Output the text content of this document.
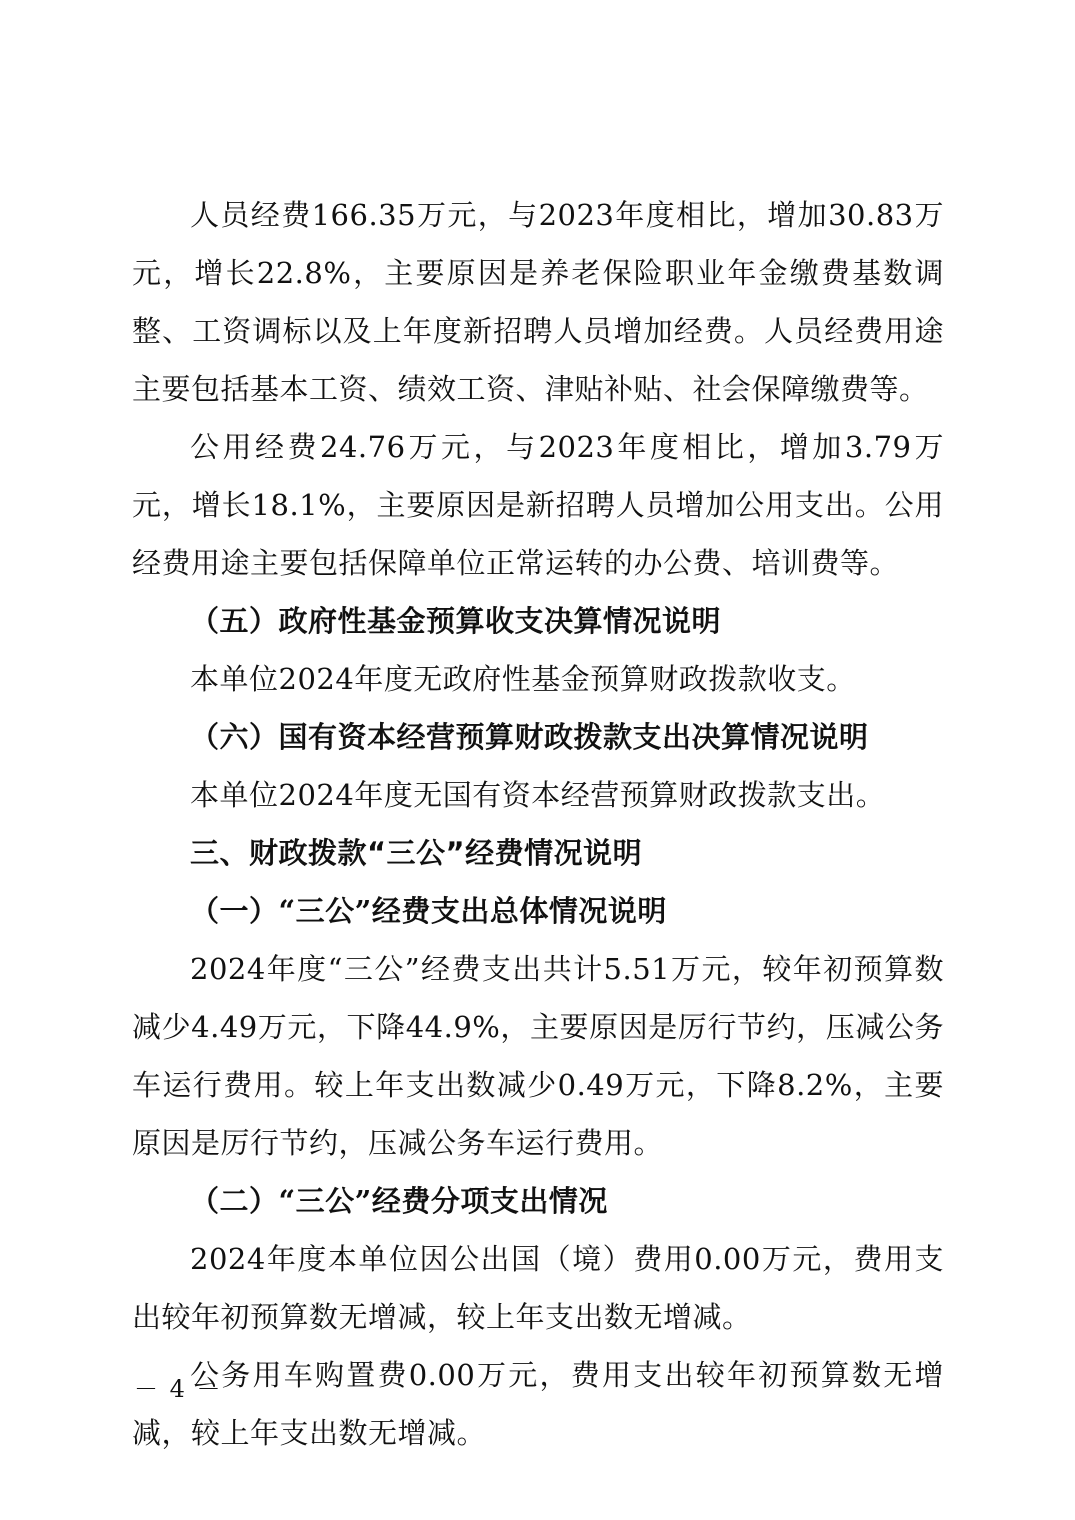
人员经费166.35万元，与2023年度相比，增加30.83万元，增长22.8%，主要原因是养老保险职业年金缴费基数调整、工资调标以及上年度新招聘人员增加经费。人员经费用途主要包括基本工资、绩效工资、津贴补贴、社会保障缴费等。

公用经费24.76万元，与2023年度相比，增加3.79万元，增长18.1%，主要原因是新招聘人员增加公用支出。公用经费用途主要包括保障单位正常运转的办公费、培训费等。

（五）政府性基金预算收支决算情况说明

本单位2024年度无政府性基金预算财政拨款收支。

（六）国有资本经营预算财政拨款支出决算情况说明

本单位2024年度无国有资本经营预算财政拨款支出。

三、财政拨款“三公”经费情况说明

（一）“三公”经费支出总体情况说明

2024年度“三公”经费支出共计5.51万元，较年初预算数减少4.49万元，下降44.9%，主要原因是厉行节约，压减公务车运行费用。较上年支出数减少0.49万元，下降8.2%，主要原因是厉行节约，压减公务车运行费用。

（二）“三公”经费分项支出情况

2024年度本单位因公出国（境）费用0.00万元，费用支出较年初预算数无增减，较上年支出数无增减。

公务用车购置费0.00万元，费用支出较年初预算数无增减，较上年支出数无增减。

－ 4 －
